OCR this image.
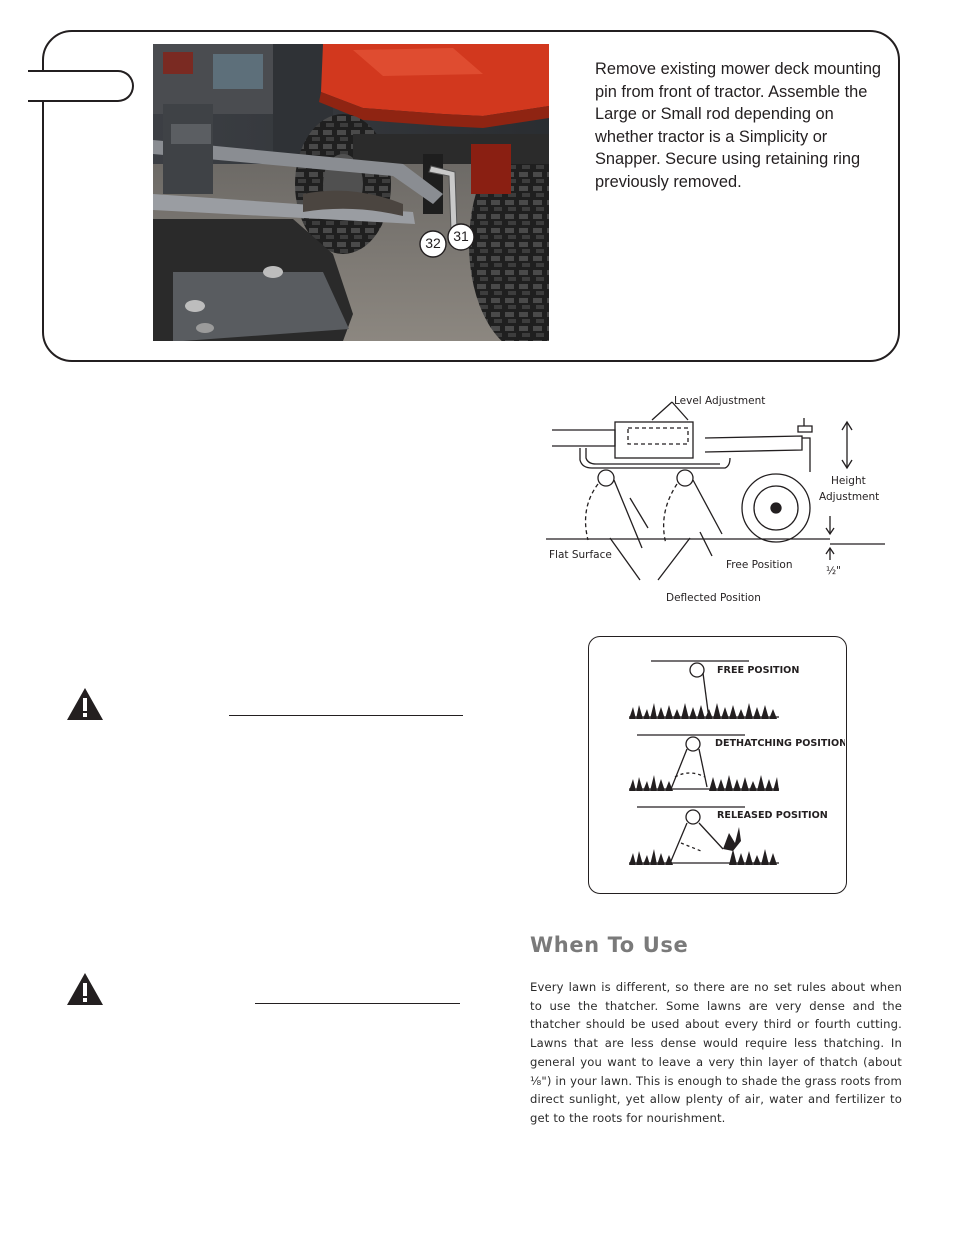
32 31
Remove existing mower deck mounting pin from front of tractor. Assemble the Large or Small rod depending on whether tractor is a Simplicity or Snapper. Secure using retaining ring previously removed.
Level Adjustment
Height
Adjustment
Flat Surface
Free Position	½"
Deflected Position
FREE POSITION
DETHATCHING POSITION
RELEASED POSITION
When To Use
Every lawn is different, so there are no set rules about when to use the thatcher. Some lawns are very dense and the thatcher should be used about every third or fourth cutting. Lawns that are less dense would require less thatching. In general you want to leave a very thin layer of thatch (about ⅛") in your lawn. This is enough to shade the grass roots from direct sunlight, yet allow plenty of air, water and fertilizer to get to the roots for nourishment.
